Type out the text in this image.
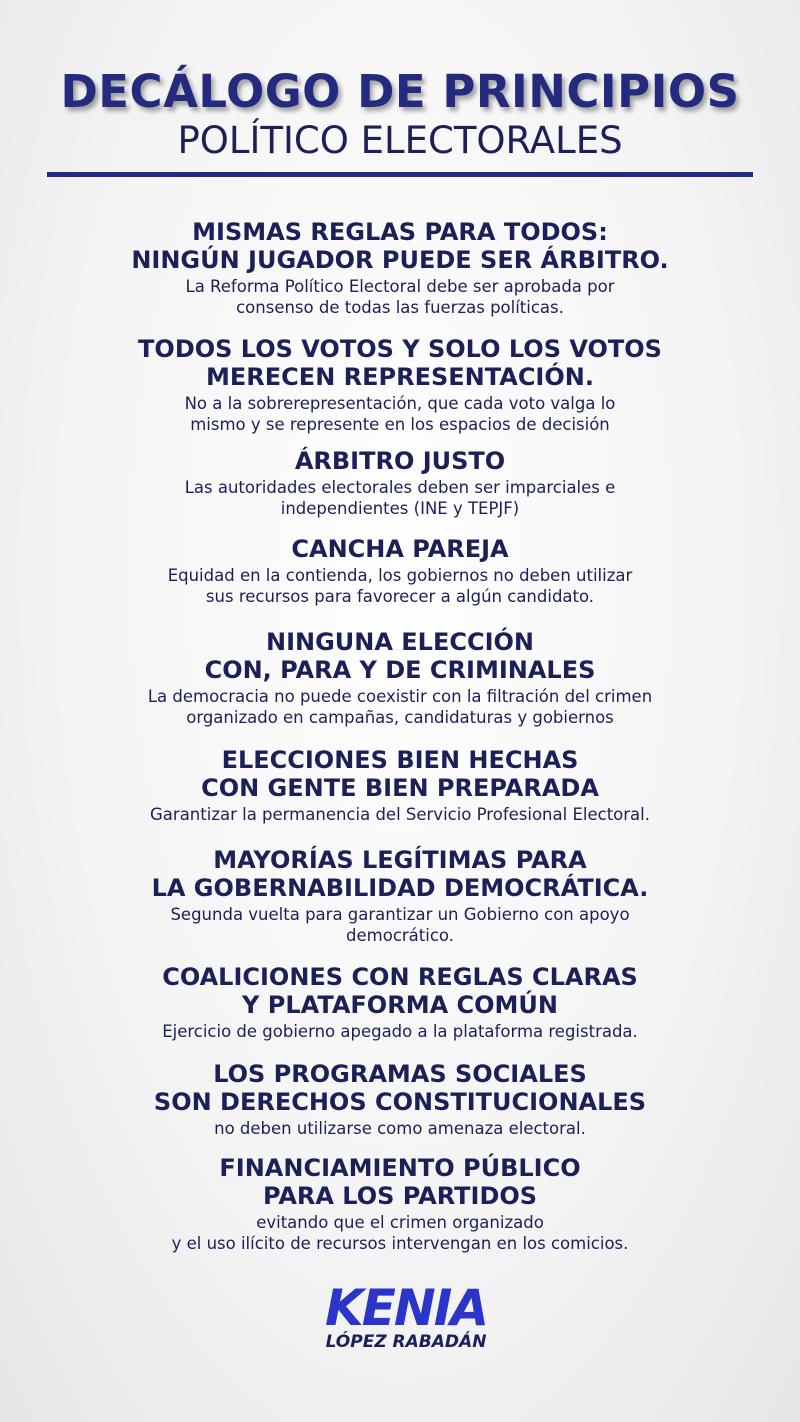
DECÁLOGO DE PRINCIPIOS
POLÍTICO ELECTORALES
MISMAS REGLAS PARA TODOS:
NINGÚN JUGADOR PUEDE SER ÁRBITRO.
La Reforma Político Electoral debe ser aprobada por
consenso de todas las fuerzas políticas.
TODOS LOS VOTOS Y SOLO LOS VOTOS
MERECEN REPRESENTACIÓN.
No a la sobrerepresentación, que cada voto valga lo
mismo y se represente en los espacios de decisión
ÁRBITRO JUSTO
Las autoridades electorales deben ser imparciales e
independientes (INE y TEPJF)
CANCHA PAREJA
Equidad en la contienda, los gobiernos no deben utilizar
sus recursos para favorecer a algún candidato.
NINGUNA ELECCIÓN
CON, PARA Y DE CRIMINALES
La democracia no puede coexistir con la filtración del crimen
organizado en campañas, candidaturas y gobiernos
ELECCIONES BIEN HECHAS
CON GENTE BIEN PREPARADA
Garantizar la permanencia del Servicio Profesional Electoral.
MAYORÍAS LEGÍTIMAS PARA
LA GOBERNABILIDAD DEMOCRÁTICA.
Segunda vuelta para garantizar un Gobierno con apoyo
democrático.
COALICIONES CON REGLAS CLARAS
Y PLATAFORMA COMÚN
Ejercicio de gobierno apegado a la plataforma registrada.
LOS PROGRAMAS SOCIALES
SON DERECHOS CONSTITUCIONALES
no deben utilizarse como amenaza electoral.
FINANCIAMIENTO PÚBLICO
PARA LOS PARTIDOS
evitando que el crimen organizado
y el uso ilícito de recursos intervengan en los comicios.
KENIA
LÓPEZ RABADÁN
